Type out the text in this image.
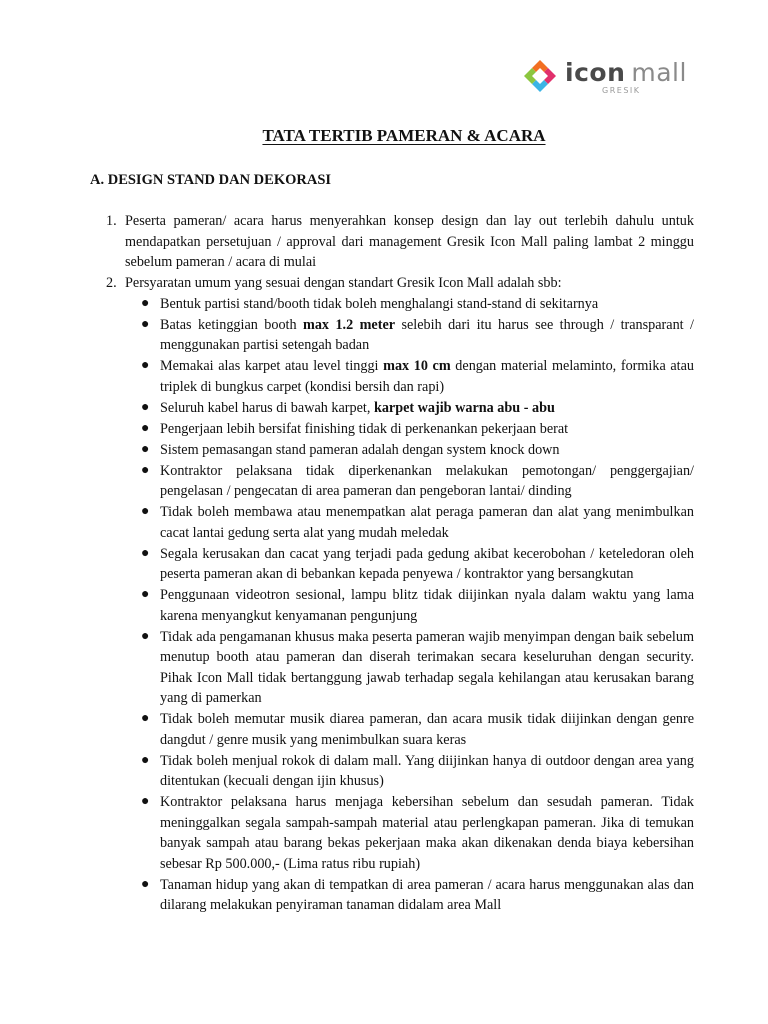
icon mall
GRESIK
TATA TERTIB PAMERAN & ACARA
A. DESIGN STAND DAN DEKORASI
1. Peserta pameran/ acara harus menyerahkan konsep design dan lay out terlebih dahulu untuk mendapatkan persetujuan / approval dari management Gresik Icon Mall paling lambat 2 minggu sebelum pameran / acara di mulai
2. Persyaratan umum yang sesuai dengan standart Gresik Icon Mall adalah sbb:
● Bentuk partisi stand/booth tidak boleh menghalangi stand-stand di sekitarnya
● Batas ketinggian booth max 1.2 meter selebih dari itu harus see through / transparant / menggunakan partisi setengah badan
● Memakai alas karpet atau level tinggi max 10 cm dengan material melaminto, formika atau triplek di bungkus carpet (kondisi bersih dan rapi)
● Seluruh kabel harus di bawah karpet, karpet wajib warna abu - abu
● Pengerjaan lebih bersifat finishing tidak di perkenankan pekerjaan berat
● Sistem pemasangan stand pameran adalah dengan system knock down
● Kontraktor pelaksana tidak diperkenankan melakukan pemotongan/ penggergajian/ pengelasan / pengecatan di area pameran dan pengeboran lantai/ dinding
● Tidak boleh membawa atau menempatkan alat peraga pameran dan alat yang menimbulkan cacat lantai gedung serta alat yang mudah meledak
● Segala kerusakan dan cacat yang terjadi pada gedung akibat kecerobohan / keteledoran oleh peserta pameran akan di bebankan kepada penyewa / kontraktor yang bersangkutan
● Penggunaan videotron sesional, lampu blitz tidak diijinkan nyala dalam waktu yang lama karena menyangkut kenyamanan pengunjung
● Tidak ada pengamanan khusus maka peserta pameran wajib menyimpan dengan baik sebelum menutup booth atau pameran dan diserah terimakan secara keseluruhan dengan security. Pihak Icon Mall tidak bertanggung jawab terhadap segala kehilangan atau kerusakan barang yang di pamerkan
● Tidak boleh memutar musik diarea pameran, dan acara musik tidak diijinkan dengan genre dangdut / genre musik yang menimbulkan suara keras
● Tidak boleh menjual rokok di dalam mall. Yang diijinkan hanya di outdoor dengan area yang ditentukan (kecuali dengan ijin khusus)
● Kontraktor pelaksana harus menjaga kebersihan sebelum dan sesudah pameran. Tidak meninggalkan segala sampah-sampah material atau perlengkapan pameran. Jika di temukan banyak sampah atau barang bekas pekerjaan maka akan dikenakan denda biaya kebersihan sebesar Rp 500.000,- (Lima ratus ribu rupiah)
● Tanaman hidup yang akan di tempatkan di area pameran / acara harus menggunakan alas dan dilarang melakukan penyiraman tanaman didalam area Mall
